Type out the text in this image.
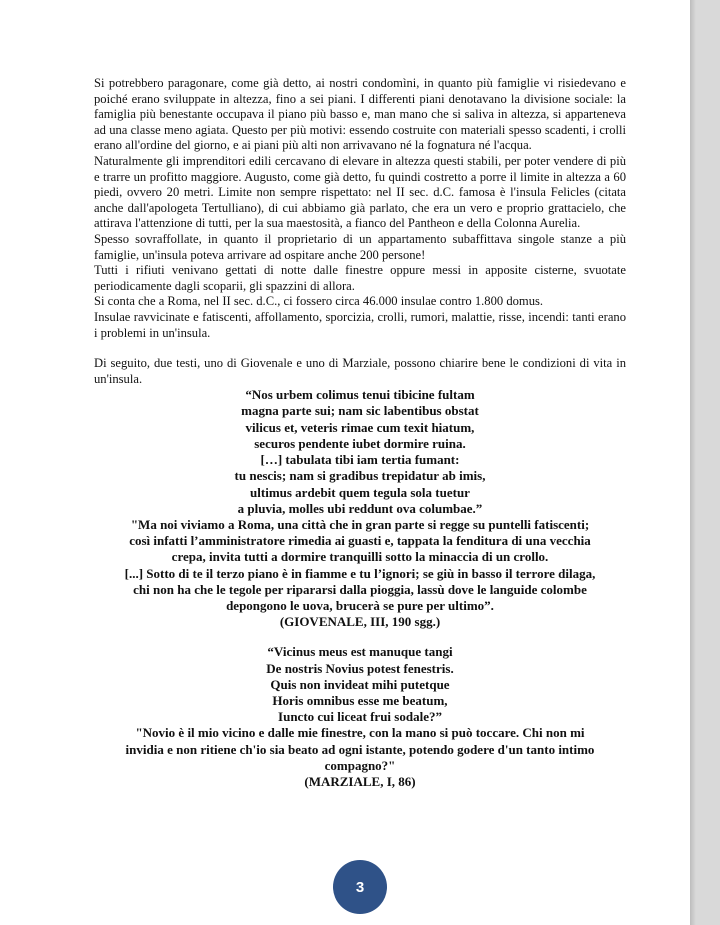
Si potrebbero paragonare, come già detto, ai nostri condomìni, in quanto più famiglie vi risiedevano e poiché erano sviluppate in altezza, fino a sei piani. I differenti piani denotavano la divisione sociale: la famiglia più benestante occupava il piano più basso e, man mano che si saliva in altezza, si apparteneva ad una classe meno agiata. Questo per più motivi: essendo costruite con materiali spesso scadenti, i crolli erano all'ordine del giorno, e ai piani più alti non arrivavano né la fognatura né l'acqua.

Naturalmente gli imprenditori edili cercavano di elevare in altezza questi stabili, per poter vendere di più e trarre un profitto maggiore. Augusto, come già detto, fu quindi costretto a porre il limite in altezza a 60 piedi, ovvero 20 metri. Limite non sempre rispettato: nel II sec. d.C. famosa è l'insula Felicles (citata anche dall'apologeta Tertulliano), di cui abbiamo già parlato, che era un vero e proprio grattacielo, che attirava l'attenzione di tutti, per la sua maestosità, a fianco del Pantheon e della Colonna Aurelia.

Spesso sovraffollate, in quanto il proprietario di un appartamento subaffittava singole stanze a più famiglie, un'insula poteva arrivare ad ospitare anche 200 persone!

Tutti i rifiuti venivano gettati di notte dalle finestre oppure messi in apposite cisterne, svuotate periodicamente dagli scoparii, gli spazzini di allora.

Si conta che a Roma, nel II sec. d.C., ci fossero circa 46.000 insulae contro 1.800 domus.

Insulae ravvicinate e fatiscenti, affollamento, sporcizia, crolli, rumori, malattie, risse, incendi: tanti erano i problemi in un'insula.

Di seguito, due testi, uno di Giovenale e uno di Marziale, possono chiarire bene le condizioni di vita in un'insula.

“Nos urbem colimus tenui tibicine fultam
magna parte sui; nam sic labentibus obstat
vilicus et, veteris rimae cum texit hiatum,
securos pendente iubet dormire ruina.
[…] tabulata tibi iam tertia fumant:
tu nescis; nam si gradibus trepidatur ab imis,
ultimus ardebit quem tegula sola tuetur
a pluvia, molles ubi reddunt ova columbae.”
"Ma noi viviamo a Roma, una città che in gran parte si regge su puntelli fatiscenti;
così infatti l’amministratore rimedia ai guasti e, tappata la fenditura di una vecchia
crepa, invita tutti a dormire tranquilli sotto la minaccia di un crollo.
[...] Sotto di te il terzo piano è in fiamme e tu l’ignori; se giù in basso il terrore dilaga,
chi non ha che le tegole per ripararsi dalla pioggia, lassù dove le languide colombe
depongono le uova, brucerà se pure per ultimo”.
(GIOVENALE, III, 190 sgg.)
“Vicinus meus est manuque tangi
De nostris Novius potest fenestris.
Quis non invideat mihi putetque
Horis omnibus esse me beatum,
Iuncto cui liceat frui sodale?”
"Novio è il mio vicino e dalle mie finestre, con la mano si può toccare. Chi non mi
invidia e non ritiene ch'io sia beato ad ogni istante, potendo godere d'un tanto intimo
compagno?"
(MARZIALE, I, 86)
3
